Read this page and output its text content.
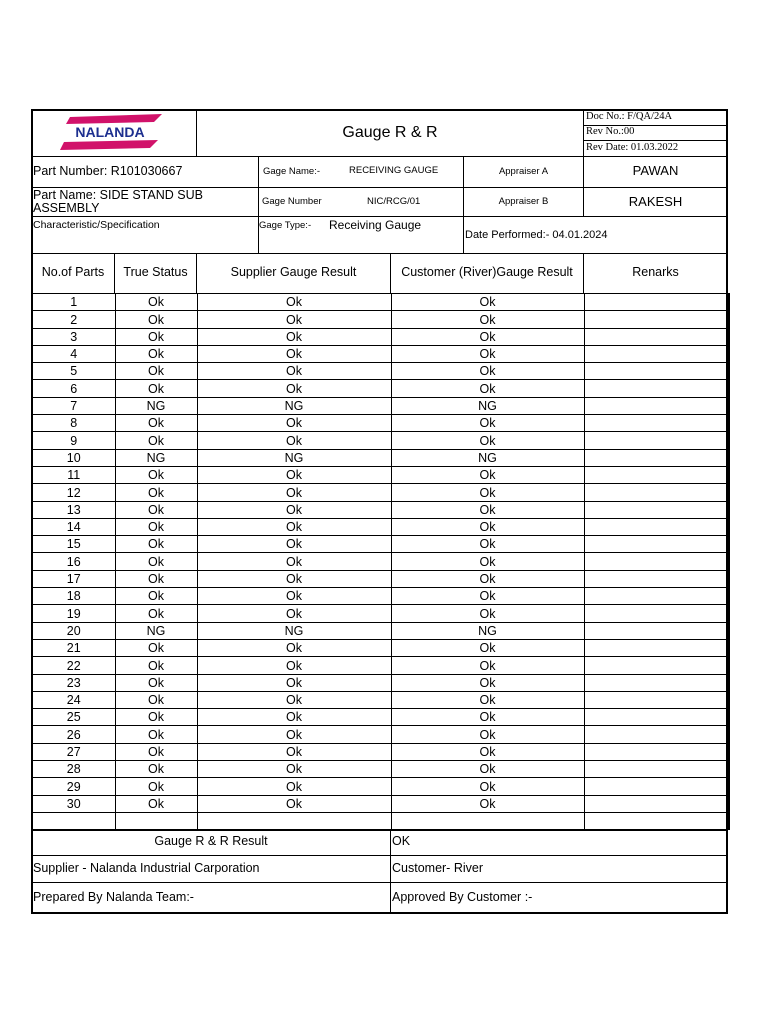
NALANDA	Gauge R & R
Doc No.: F/QA/24A
Rev No.:00
Rev Date: 01.03.2022
Part Number: R101030667	Gage Name:-	RECEIVING GAUGE	Appraiser A	PAWAN
Part Name: SIDE STAND SUB
ASSEMBLY	Gage Number	NIC/RCG/01	Appraiser B	RAKESH
Characteristic/Specification	Gage Type:- Receiving Gauge
Date Performed:- 04.01.2024
No.of Parts	True Status	Supplier Gauge Result	Customer (River)Gauge Result	Renarks
1	Ok	Ok	Ok	
2	Ok	Ok	Ok	
3	Ok	Ok	Ok	
4	Ok	Ok	Ok	
5	Ok	Ok	Ok	
6	Ok	Ok	Ok	
7	NG	NG	NG	
8	Ok	Ok	Ok	
9	Ok	Ok	Ok	
10	NG	NG	NG	
11	Ok	Ok	Ok	
12	Ok	Ok	Ok	
13	Ok	Ok	Ok	
14	Ok	Ok	Ok	
15	Ok	Ok	Ok	
16	Ok	Ok	Ok	
17	Ok	Ok	Ok	
18	Ok	Ok	Ok	
19	Ok	Ok	Ok	
20	NG	NG	NG	
21	Ok	Ok	Ok	
22	Ok	Ok	Ok	
23	Ok	Ok	Ok	
24	Ok	Ok	Ok	
25	Ok	Ok	Ok	
26	Ok	Ok	Ok	
27	Ok	Ok	Ok	
28	Ok	Ok	Ok	
29	Ok	Ok	Ok	
30	Ok	Ok	Ok	

Gauge R & R Result	OK
Supplier - Nalanda Industrial Carporation	Customer- River
Prepared By Nalanda Team:-	Approved By Customer :-
